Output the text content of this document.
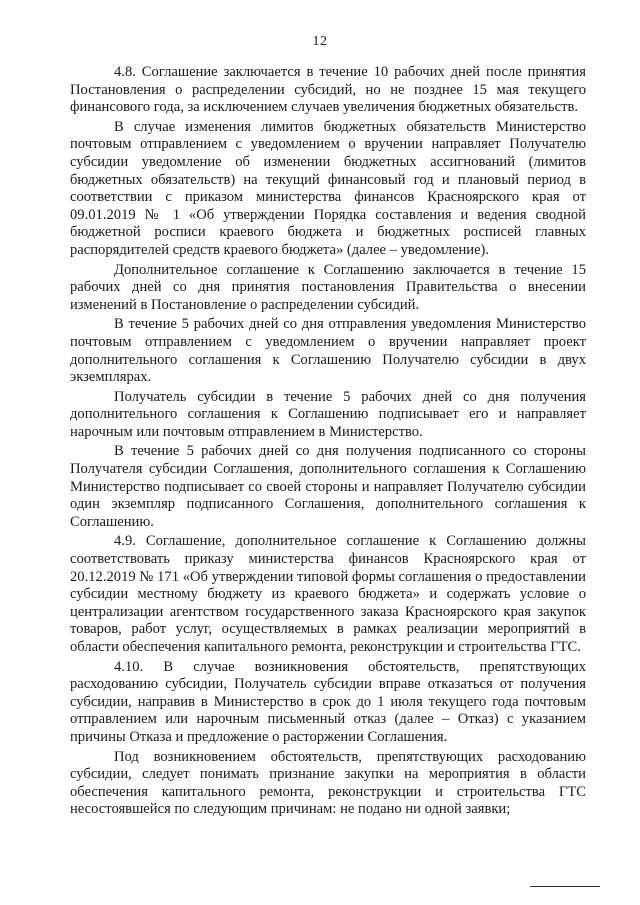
12

4.8. Соглашение заключается в течение 10 рабочих дней после принятия Постановления о распределении субсидий, но не позднее 15 мая текущего финансового года, за исключением случаев увеличения бюджетных обязательств.

В случае изменения лимитов бюджетных обязательств Министерство почтовым отправлением с уведомлением о вручении направляет Получателю субсидии уведомление об изменении бюджетных ассигнований (лимитов бюджетных обязательств) на текущий финансовый год и плановый период в соответствии с приказом министерства финансов Красноярского края от 09.01.2019 № 1 «Об утверждении Порядка составления и ведения сводной бюджетной росписи краевого бюджета и бюджетных росписей главных распорядителей средств краевого бюджета» (далее – уведомление).

Дополнительное соглашение к Соглашению заключается в течение 15 рабочих дней со дня принятия постановления Правительства о внесении изменений в Постановление о распределении субсидий.

В течение 5 рабочих дней со дня отправления уведомления Министерство почтовым отправлением с уведомлением о вручении направляет проект дополнительного соглашения к Соглашению Получателю субсидии в двух экземплярах.

Получатель субсидии в течение 5 рабочих дней со дня получения дополнительного соглашения к Соглашению подписывает его и направляет нарочным или почтовым отправлением в Министерство.

В течение 5 рабочих дней со дня получения подписанного со стороны Получателя субсидии Соглашения, дополнительного соглашения к Соглашению Министерство подписывает со своей стороны и направляет Получателю субсидии один экземпляр подписанного Соглашения, дополнительного соглашения к Соглашению.

4.9. Соглашение, дополнительное соглашение к Соглашению должны соответствовать приказу министерства финансов Красноярского края от 20.12.2019 № 171 «Об утверждении типовой формы соглашения о предоставлении субсидии местному бюджету из краевого бюджета» и содержать условие о централизации агентством государственного заказа Красноярского края закупок товаров, работ услуг, осуществляемых в рамках реализации мероприятий в области обеспечения капитального ремонта, реконструкции и строительства ГТС.

4.10. В случае возникновения обстоятельств, препятствующих расходованию субсидии, Получатель субсидии вправе отказаться от получения субсидии, направив в Министерство в срок до 1 июля текущего года почтовым отправлением или нарочным письменный отказ (далее – Отказ) с указанием причины Отказа и предложение о расторжении Соглашения.

Под возникновением обстоятельств, препятствующих расходованию субсидии, следует понимать признание закупки на мероприятия в области обеспечения капитального ремонта, реконструкции и строительства ГТС несостоявшейся по следующим причинам: не подано ни одной заявки;
